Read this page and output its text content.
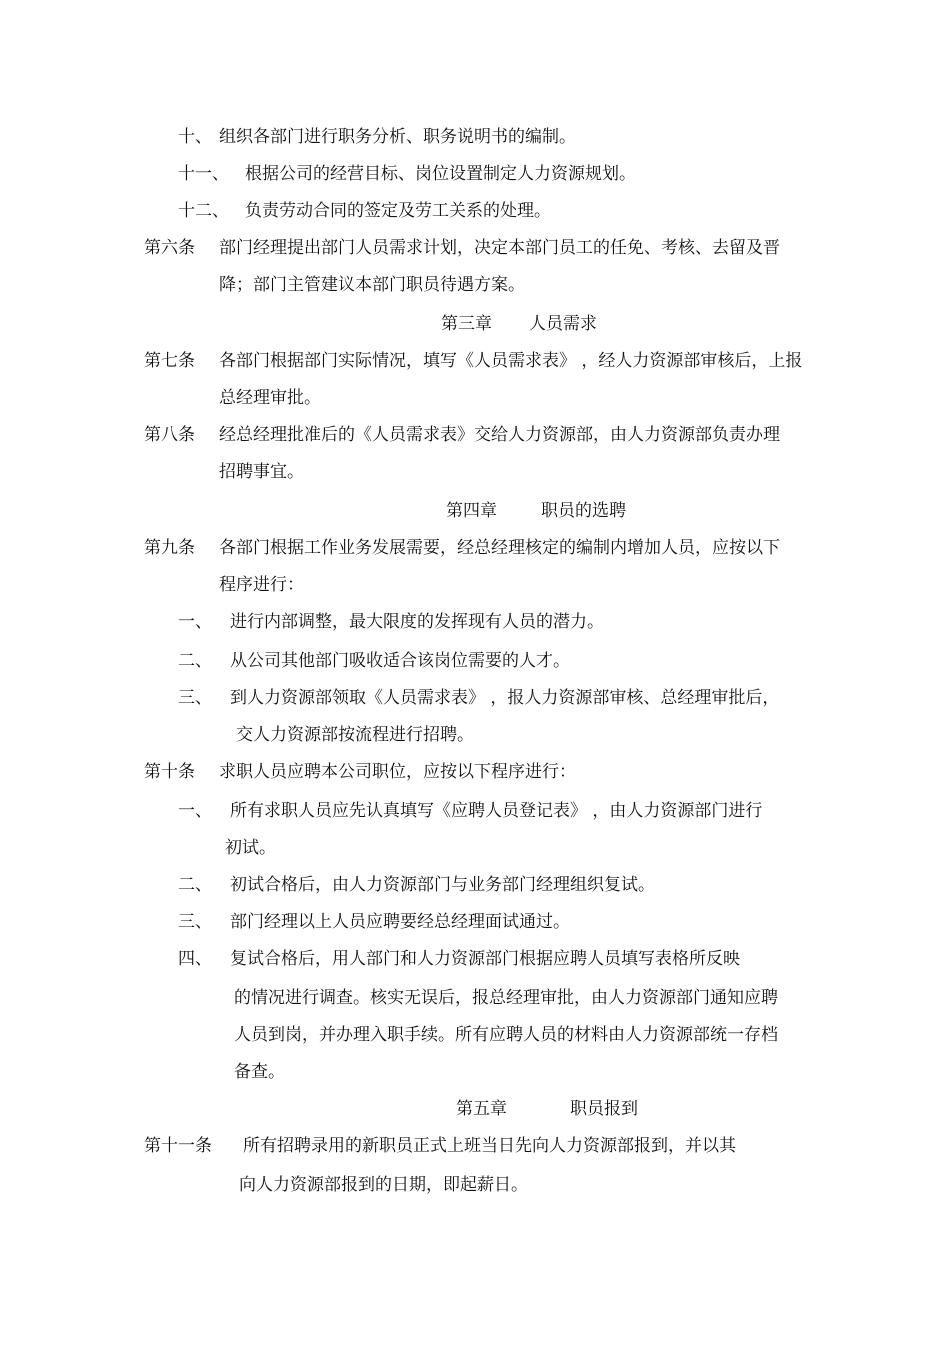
十、 组织各部门进行职务分析、职务说明书的编制。
十一、 根据公司的经营目标、岗位设置制定人力资源规划。
十二、 负责劳动合同的签定及劳工关系的处理。
第六条 部门经理提出部门人员需求计划，决定本部门员工的任免、考核、去留及晋
降；部门主管建议本部门职员待遇方案。
第三章 人员需求
第七条 各部门根据部门实际情况，填写《人员需求表》 ，经人力资源部审核后，上报
总经理审批。
第八条 经总经理批准后的《人员需求表》交给人力资源部，由人力资源部负责办理
招聘事宜。
第四章	职员的选聘
第九条 各部门根据工作业务发展需要，经总经理核定的编制内增加人员，应按以下
程序进行：
一、 进行内部调整，最大限度的发挥现有人员的潜力。
二、 从公司其他部门吸收适合该岗位需要的人才。
三、 到人力资源部领取《人员需求表》 ，报人力资源部审核、总经理审批后，
交人力资源部按流程进行招聘。
第十条 求职人员应聘本公司职位，应按以下程序进行：
一、 所有求职人员应先认真填写《应聘人员登记表》 ，由人力资源部门进行
初试。
二、 初试合格后，由人力资源部门与业务部门经理组织复试。
三、 部门经理以上人员应聘要经总经理面试通过。
四、 复试合格后，用人部门和人力资源部门根据应聘人员填写表格所反映
的情况进行调查。核实无误后，报总经理审批，由人力资源部门通知应聘
人员到岗，并办理入职手续。所有应聘人员的材料由人力资源部统一存档
备查。
第五章	职员报到
第十一条 所有招聘录用的新职员正式上班当日先向人力资源部报到，并以其
向人力资源部报到的日期，即起薪日。
